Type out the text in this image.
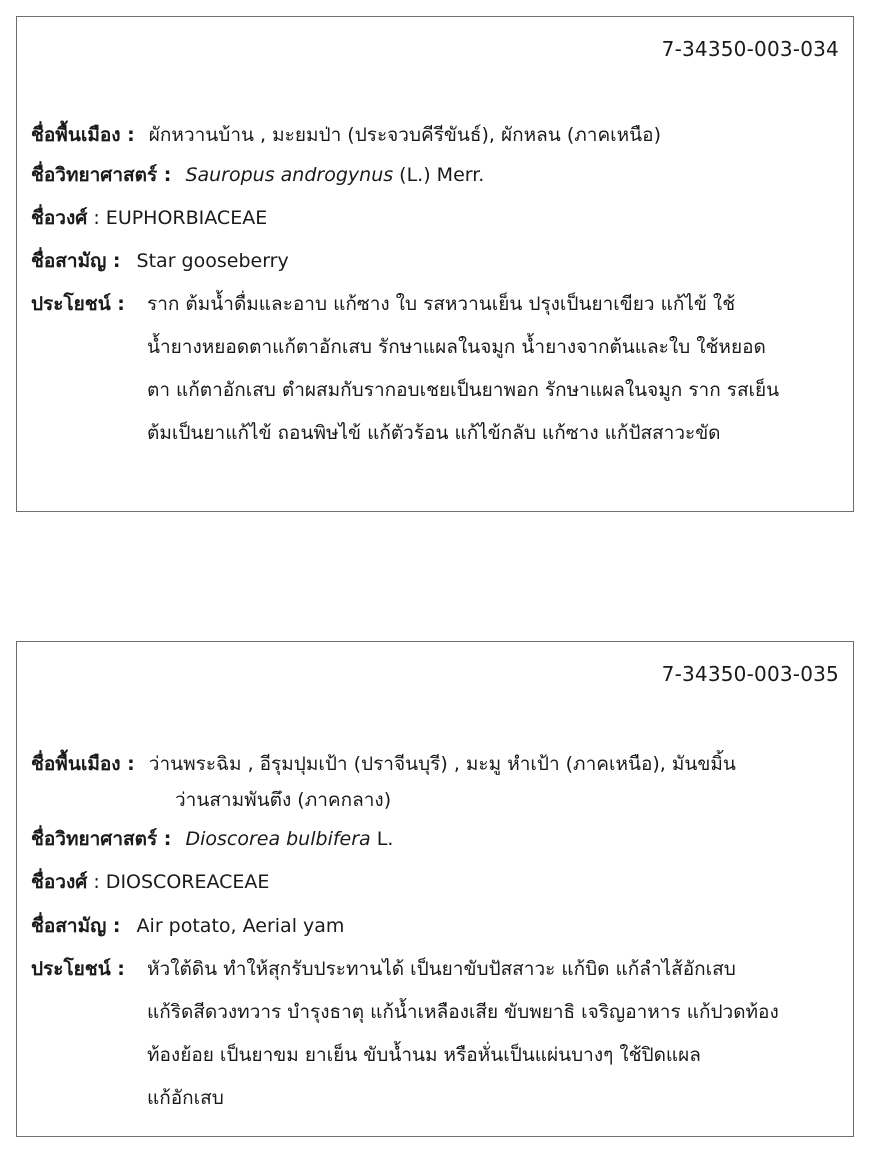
7-34350-003-034
ชื่อพื้นเมือง : ผักหวานบ้าน , มะยมป่า (ประจวบคีรีขันธ์), ผักหลน (ภาคเหนือ)
ชื่อวิทยาศาสตร์ : Sauropus androgynus (L.) Merr.
ชื่อวงศ์ : EUPHORBIACEAE
ชื่อสามัญ : Star gooseberry
ประโยชน์ :	ราก ต้มน้ำดื่มและอาบ แก้ซาง ใบ รสหวานเย็น ปรุงเป็นยาเขียว แก้ไข้ ใช้
น้ำยางหยอดตาแก้ตาอักเสบ รักษาแผลในจมูก น้ำยางจากต้นและใบ ใช้หยอด
ตา แก้ตาอักเสบ ตำผสมกับรากอบเชยเป็นยาพอก รักษาแผลในจมูก ราก รสเย็น
ต้มเป็นยาแก้ไข้ ถอนพิษไข้ แก้ตัวร้อน แก้ไข้กลับ แก้ซาง แก้ปัสสาวะขัด
7-34350-003-035
ชื่อพื้นเมือง : ว่านพระฉิม , อีรุมปุมเป้า (ปราจีนบุรี) , มะมู หำเป้า (ภาคเหนือ), มันขมิ้น
ว่านสามพันตึง (ภาคกลาง)
ชื่อวิทยาศาสตร์ : Dioscorea bulbifera L.
ชื่อวงศ์ : DIOSCOREACEAE
ชื่อสามัญ : Air potato, Aerial yam
ประโยชน์ :	หัวใต้ดิน ทำให้สุกรับประทานได้ เป็นยาขับปัสสาวะ แก้บิด แก้ลำไส้อักเสบ
แก้ริดสีดวงทวาร บำรุงธาตุ แก้น้ำเหลืองเสีย ขับพยาธิ เจริญอาหาร แก้ปวดท้อง
ท้องย้อย เป็นยาขม ยาเย็น ขับน้ำนม หรือหั่นเป็นแผ่นบางๆ ใช้ปิดแผล
แก้อักเสบ
